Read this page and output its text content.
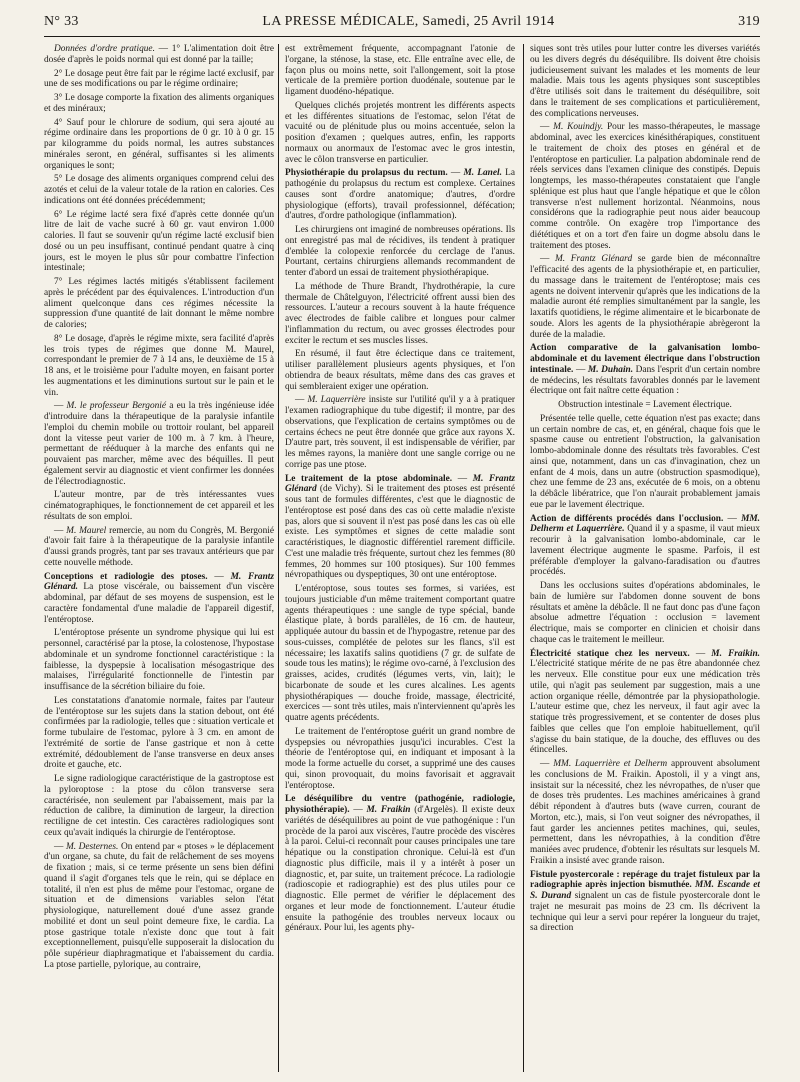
N° 33	LA PRESSE MÉDICALE, Samedi, 25 Avril 1914	319

Données d'ordre pratique. — 1° L'alimentation doit être dosée d'après le poids normal qui est donné par la taille;

2° Le dosage peut être fait par le régime lacté exclusif, par une de ses modifications ou par le régime ordinaire;

3° Le dosage comporte la fixation des aliments organiques et des minéraux;

4° Sauf pour le chlorure de sodium, qui sera ajouté au régime ordinaire dans les proportions de 0 gr. 10 à 0 gr. 15 par kilogramme du poids normal, les autres substances minérales seront, en général, suffisantes si les aliments organiques le sont;

5° Le dosage des aliments organiques comprend celui des azotés et celui de la valeur totale de la ration en calories. Ces indications ont été données précédemment;

6° Le régime lacté sera fixé d'après cette donnée qu'un litre de lait de vache sucré à 60 gr. vaut environ 1.000 calories. Il faut se souvenir qu'un régime lacté exclusif bien dosé ou un peu insuffisant, continué pendant quatre à cinq jours, est le moyen le plus sûr pour combattre l'infection intestinale;

7° Les régimes lactés mitigés s'établissent facilement après le précédent par des équivalences. L'introduction d'un aliment quelconque dans ces régimes nécessite la suppression d'une quantité de lait donnant le même nombre de calories;

8° Le dosage, d'après le régime mixte, sera facilité d'après les trois types de régimes que donne M. Maurel, correspondant le premier de 7 à 14 ans, le deuxième de 15 à 18 ans, et le troisième pour l'adulte moyen, en faisant porter les augmentations et les diminutions surtout sur le pain et le vin.

— M. le professeur Bergonié a eu la très ingénieuse idée d'introduire dans la thérapeutique de la paralysie infantile l'emploi du chemin mobile ou trottoir roulant, bel appareil dont la vitesse peut varier de 100 m. à 7 km. à l'heure, permettant de rééduquer à la marche des enfants qui ne pouvaient pas marcher, même avec des béquilles. Il peut également servir au diagnostic et vient confirmer les données de l'électrodiagnostic.

L'auteur montre, par de très intéressantes vues cinématographiques, le fonctionnement de cet appareil et les résultats de son emploi.

— M. Maurel remercie, au nom du Congrès, M. Bergonié d'avoir fait faire à la thérapeutique de la paralysie infantile d'aussi grands progrès, tant par ses travaux antérieurs que par cette nouvelle méthode.

Conceptions et radiologie des ptoses. — M. Frantz Glénard. La ptose viscérale, ou baissement d'un viscère abdominal, par défaut de ses moyens de suspension, est le caractère fondamental d'une maladie de l'appareil digestif, l'entéroptose.

L'entéroptose présente un syndrome physique qui lui est personnel, caractérisé par la ptose, la colostenose, l'hypostase abdominale et un syndrome fonctionnel caractéristique : la faiblesse, la dyspepsie à localisation mésogastrique des malaises, l'irrégularité fonctionnelle de l'intestin par insuffisance de la sécrétion biliaire du foie.

Les constatations d'anatomie normale, faites par l'auteur de l'entéroptose sur les sujets dans la station debout, ont été confirmées par la radiologie, telles que : situation verticale et forme tubulaire de l'estomac, pylore à 3 cm. en amont de l'extrémité de sortie de l'anse gastrique et non à cette extrémité, dédoublement de l'anse transverse en deux anses droite et gauche, etc.

Le signe radiologique caractéristique de la gastroptose est la pyloroptose : la ptose du côlon transverse sera caractérisée, non seulement par l'abaissement, mais par la réduction de calibre, la diminution de largeur, la direction rectiligne de cet intestin. Ces caractères radiologiques sont ceux qu'avait indiqués la chirurgie de l'entéroptose.

— M. Desternes. On entend par « ptoses » le déplacement d'un organe, sa chute, du fait de relâchement de ses moyens de fixation ; mais, si ce terme présente un sens bien défini quand il s'agit d'organes tels que le rein, qui se déplace en totalité, il n'en est plus de même pour l'estomac, organe de situation et de dimensions variables selon l'état physiologique, naturellement doué d'une assez grande mobilité et dont un seul point demeure fixe, le cardia. La ptose gastrique totale n'existe donc que tout à fait exceptionnellement, puisqu'elle supposerait la dislocation du pôle supérieur diaphragmatique et l'abaissement du cardia. La ptose partielle, pylorique, au contraire,

est extrêmement fréquente, accompagnant l'atonie de l'organe, la sténose, la stase, etc. Elle entraîne avec elle, de façon plus ou moins nette, soit l'allongement, soit la ptose verticale de la première portion duodénale, soutenue par le ligament duodéno-hépatique.

Quelques clichés projetés montrent les différents aspects et les différentes situations de l'estomac, selon l'état de vacuité ou de plénitude plus ou moins accentuée, selon la position d'examen ; quelques autres, enfin, les rapports normaux ou anormaux de l'estomac avec le gros intestin, avec le côlon transverse en particulier.

Physiothérapie du prolapsus du rectum. — M. Lanel. La pathogénie du prolapsus du rectum est complexe. Certaines causes sont d'ordre anatomique; d'autres, d'ordre physiologique (efforts), travail professionnel, défécation; d'autres, d'ordre pathologique (inflammation).

Les chirurgiens ont imaginé de nombreuses opérations. Ils ont enregistré pas mal de récidives, ils tendent à pratiquer d'emblée la colopexie renforcée du cerclage de l'anus. Pourtant, certains chirurgiens allemands recommandent de tenter d'abord un essai de traitement physiothérapique.

La méthode de Thure Brandt, l'hydrothérapie, la cure thermale de Châtelguyon, l'électricité offrent aussi bien des ressources. L'auteur a recours souvent à la haute fréquence avec électrodes de faible calibre et longues pour calmer l'inflammation du rectum, ou avec grosses électrodes pour exciter le rectum et ses muscles lisses.

En résumé, il faut être éclectique dans ce traitement, utiliser parallèlement plusieurs agents physiques, et l'on obtiendra de beaux résultats, même dans des cas graves et qui sembleraient exiger une opération.

— M. Laquerrière insiste sur l'utilité qu'il y a à pratiquer l'examen radiographique du tube digestif; il montre, par des observations, que l'explication de certains symptômes ou de certains échecs ne peut être donnée que grâce aux rayons X. D'autre part, très souvent, il est indispensable de vérifier, par les mêmes rayons, la manière dont une sangle corrige ou ne corrige pas une ptose.

Le traitement de la ptose abdominale. — M. Frantz Glénard (de Vichy). Si le traitement des ptoses est présenté sous tant de formules différentes, c'est que le diagnostic de l'entéroptose est posé dans des cas où cette maladie n'existe pas, alors que si souvent il n'est pas posé dans les cas où elle existe. Les symptômes et signes de cette maladie sont caractéristiques, le diagnostic différentiel rarement difficile. C'est une maladie très fréquente, surtout chez les femmes (80 femmes, 20 hommes sur 100 ptosiques). Sur 100 femmes névropathiques ou dyspeptiques, 30 ont une entéroptose.

L'entéroptose, sous toutes ses formes, si variées, est toujours justiciable d'un même traitement comportant quatre agents thérapeutiques : une sangle de type spécial, bande élastique plate, à bords parallèles, de 16 cm. de hauteur, appliquée autour du bassin et de l'hypogastre, retenue par des sous-cuisses, complétée de pelotes sur les flancs, s'il est nécessaire; les laxatifs salins quotidiens (7 gr. de sulfate de soude tous les matins); le régime ovo-carné, à l'exclusion des graisses, acides, crudités (légumes verts, vin, lait); le bicarbonate de soude et les cures alcalines. Les agents physiothérapiques — douche froide, massage, électricité, exercices — sont très utiles, mais n'interviennent qu'après les quatre agents précédents.

Le traitement de l'entéroptose guérit un grand nombre de dyspepsies ou névropathies jusqu'ici incurables. C'est la théorie de l'entéroptose qui, en indiquant et imposant à la mode la forme actuelle du corset, a supprimé une des causes qui, sinon provoquait, du moins favorisait et aggravait l'entéroptose.

Le déséquilibre du ventre (pathogénie, radiologie, physiothérapie). — M. Fraikin (d'Argelès). Il existe deux variétés de déséquilibres au point de vue pathogénique : l'un procède de la paroi aux viscères, l'autre procède des viscères à la paroi. Celui-ci reconnaît pour causes principales une tare hépatique ou la constipation chronique. Celui-là est d'un diagnostic plus difficile, mais il y a intérêt à poser un diagnostic, et, par suite, un traitement précoce. La radiologie (radioscopie et radiographie) est des plus utiles pour ce diagnostic. Elle permet de vérifier le déplacement des organes et leur mode de fonctionnement. L'auteur étudie ensuite la pathogénie des troubles nerveux locaux ou généraux. Pour lui, les agents phy-

siques sont très utiles pour lutter contre les diverses variétés ou les divers degrés du déséquilibre. Ils doivent être choisis judicieusement suivant les malades et les moments de leur maladie. Mais tous les agents physiques sont susceptibles d'être utilisés soit dans le traitement du déséquilibre, soit dans le traitement de ses complications et particulièrement, des complications nerveuses.

— M. Kouindjy. Pour les masso-thérapeutes, le massage abdominal, avec les exercices kinésithérapiques, constituent le traitement de choix des ptoses en général et de l'entéroptose en particulier. La palpation abdominale rend de réels services dans l'examen clinique des constipés. Depuis longtemps, les masso-thérapeutes constataient que l'angle splénique est plus haut que l'angle hépatique et que le côlon transverse n'est nullement horizontal. Néanmoins, nous considérons que la radiographie peut nous aider beaucoup comme contrôle. On exagère trop l'importance des diététiques et on a tort d'en faire un dogme absolu dans le traitement des ptoses.

— M. Frantz Glénard se garde bien de méconnaître l'efficacité des agents de la physiothérapie et, en particulier, du massage dans le traitement de l'entéroptose; mais ces agents ne doivent intervenir qu'après que les indications de la maladie auront été remplies simultanément par la sangle, les laxatifs quotidiens, le régime alimentaire et le bicarbonate de soude. Alors les agents de la physiothérapie abrègeront la durée de la maladie.

Action comparative de la galvanisation lombo-abdominale et du lavement électrique dans l'obstruction intestinale. — M. Duhain. Dans l'esprit d'un certain nombre de médecins, les résultats favorables donnés par le lavement électrique ont fait naître cette équation :

Obstruction intestinale = Lavement électrique.

Présentée telle quelle, cette équation n'est pas exacte; dans un certain nombre de cas, et, en général, chaque fois que le spasme cause ou entretient l'obstruction, la galvanisation lombo-abdominale donne des résultats très favorables. C'est ainsi que, notamment, dans un cas d'invagination, chez un enfant de 4 mois, dans un autre (obstruction spasmodique), chez une femme de 23 ans, exécutée de 6 mois, on a obtenu la débâcle libératrice, que l'on n'aurait probablement jamais eue par le lavement électrique.

Action de différents procédés dans l'occlusion. — MM. Delherm et Laquerrière. Quand il y a spasme, il vaut mieux recourir à la galvanisation lombo-abdominale, car le lavement électrique augmente le spasme. Parfois, il est préférable d'employer la galvano-faradisation ou d'autres procédés.

Dans les occlusions suites d'opérations abdominales, le bain de lumière sur l'abdomen donne souvent de bons résultats et amène la débâcle. Il ne faut donc pas d'une façon absolue admettre l'équation : occlusion = lavement électrique, mais se comporter en clinicien et choisir dans chaque cas le traitement le meilleur.

Électricité statique chez les nerveux. — M. Fraikin. L'électricité statique mérite de ne pas être abandonnée chez les nerveux. Elle constitue pour eux une médication très utile, qui n'agit pas seulement par suggestion, mais a une action organique réelle, démontrée par la physiopathologie. L'auteur estime que, chez les nerveux, il faut agir avec la statique très progressivement, et se contenter de doses plus faibles que celles que l'on emploie habituellement, qu'il s'agisse du bain statique, de la douche, des effluves ou des étincelles.

— MM. Laquerrière et Delherm approuvent absolument les conclusions de M. Fraikin. Apostoli, il y a vingt ans, insistait sur la nécessité, chez les névropathes, de n'user que de doses très prudentes. Les machines américaines à grand débit répondent à d'autres buts (wave curren, courant de Morton, etc.), mais, si l'on veut soigner des névropathes, il faut garder les anciennes petites machines, qui, seules, permettent, dans les névropathies, à la condition d'être maniées avec prudence, d'obtenir les résultats sur lesquels M. Fraikin a insisté avec grande raison.

Fistule pyostercorale : repérage du trajet fistuleux par la radiographie après injection bismuthée. MM. Escande et S. Durand signalent un cas de fistule pyostercorale dont le trajet ne mesurait pas moins de 23 cm. Ils décrivent la technique qui leur a servi pour repérer la longueur du trajet, sa direction
